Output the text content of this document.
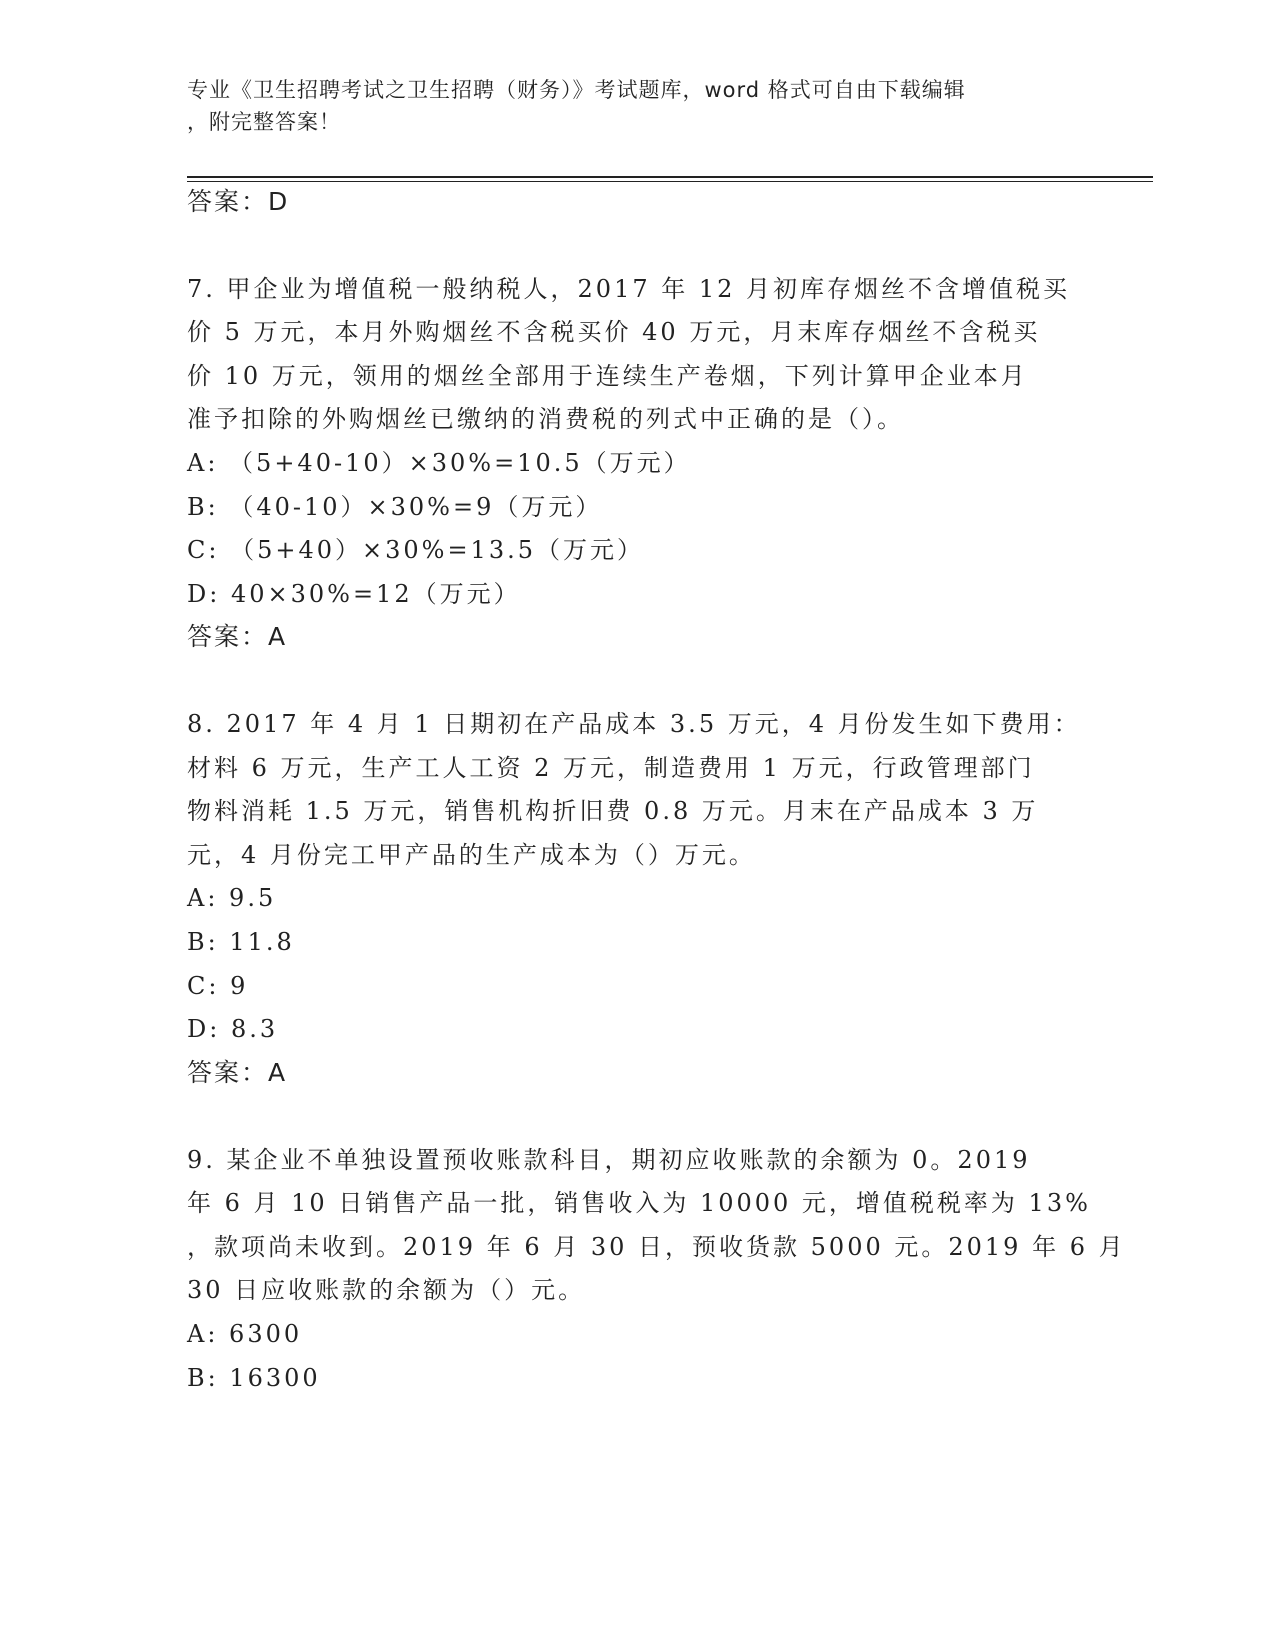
专业《卫生招聘考试之卫生招聘（财务）》考试题库，word 格式可自由下载编辑
，附完整答案！
答案：D
7. 甲企业为增值税一般纳税人，2017 年 12 月初库存烟丝不含增值税买
价 5 万元，本月外购烟丝不含税买价 40 万元，月末库存烟丝不含税买
价 10 万元，领用的烟丝全部用于连续生产卷烟，下列计算甲企业本月
准予扣除的外购烟丝已缴纳的消费税的列式中正确的是（）。
A: （5+40-10）×30%=10.5（万元）
B: （40-10）×30%=9（万元）
C: （5+40）×30%=13.5（万元）
D: 40×30%=12（万元）
答案：A
8. 2017 年 4 月 1 日期初在产品成本 3.5 万元，4 月份发生如下费用：
材料 6 万元，生产工人工资 2 万元，制造费用 1 万元，行政管理部门
物料消耗 1.5 万元，销售机构折旧费 0.8 万元。月末在产品成本 3 万
元，4 月份完工甲产品的生产成本为（）万元。
A: 9.5
B: 11.8
C: 9
D: 8.3
答案：A
9. 某企业不单独设置预收账款科目，期初应收账款的余额为 0。2019
年 6 月 10 日销售产品一批，销售收入为 10000 元，增值税税率为 13%
，款项尚未收到。2019 年 6 月 30 日，预收货款 5000 元。2019 年 6 月
30 日应收账款的余额为（）元。
A: 6300
B: 16300
